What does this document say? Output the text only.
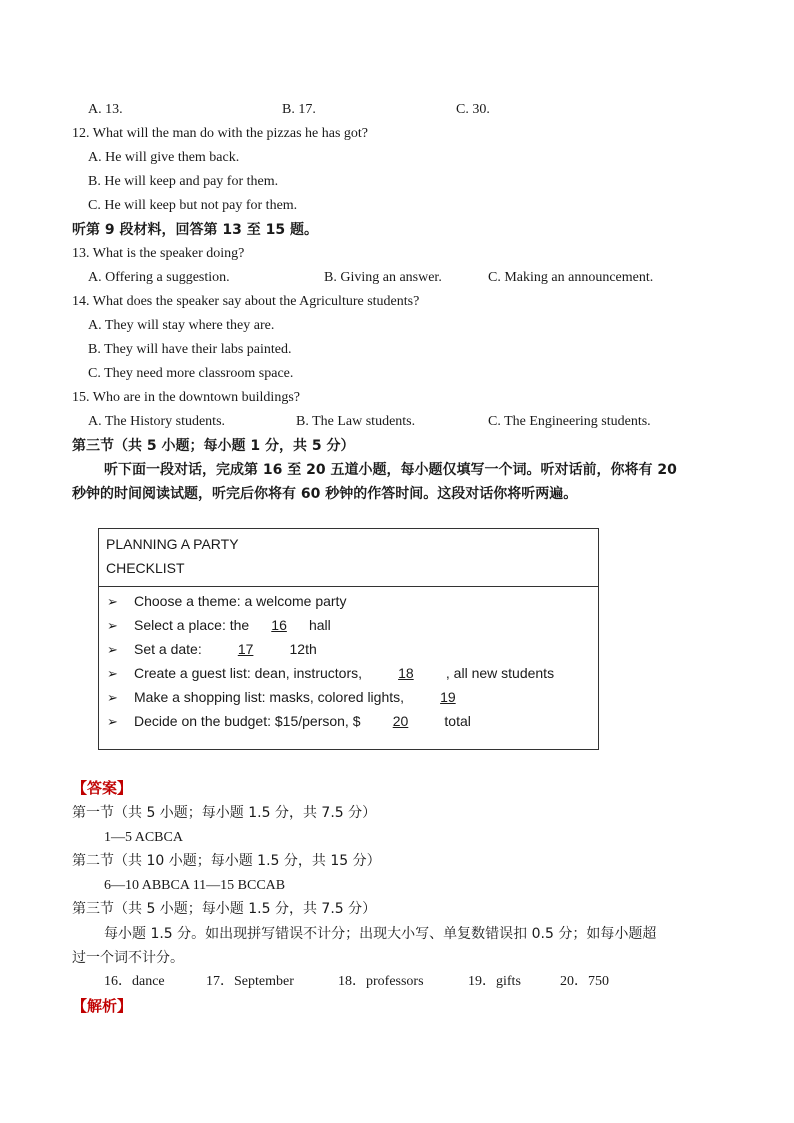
A. 13.	B. 17.	C. 30.
12. What will the man do with the pizzas he has got?
A. He will give them back.
B. He will keep and pay for them.
C. He will keep but not pay for them.
听第 9 段材料，回答第 13 至 15 题。
13. What is the speaker doing?
A. Offering a suggestion.	B. Giving an answer.	C. Making an announcement.
14. What does the speaker say about the Agriculture students?
A. They will stay where they are.
B. They will have their labs painted.
C. They need more classroom space.
15. Who are in the downtown buildings?
A. The History students.	B. The Law students.	C. The Engineering students.
第三节（共 5 小题；每小题 1 分，共 5 分）
听下面一段对话，完成第 16 至 20 五道小题，每小题仅填写一个词。听对话前，你将有 20
秒钟的时间阅读试题，听完后你将有 60 秒钟的作答时间。这段对话你将听两遍。
PLANNING A PARTY
CHECKLIST
➢ Choose a theme: a welcome party
➢ Select a place: the 16 hall
➢ Set a date: 17 12th
➢ Create a guest list: dean, instructors, 18 , all new students
➢ Make a shopping list: masks, colored lights, 19
➢ Decide on the budget: $15/person, $ 20 total
【答案】
第一节（共 5 小题；每小题 1.5 分，共 7.5 分）
1—5 ACBCA
第二节（共 10 小题；每小题 1.5 分，共 15 分）
6—10 ABBCA 11—15 BCCAB
第三节（共 5 小题；每小题 1.5 分，共 7.5 分）
每小题 1.5 分。如出现拼写错误不计分；出现大小写、单复数错误扣 0.5 分；如每小题超
过一个词不计分。
16．dance	17．September	18．professors	19．gifts	20．750
【解析】
